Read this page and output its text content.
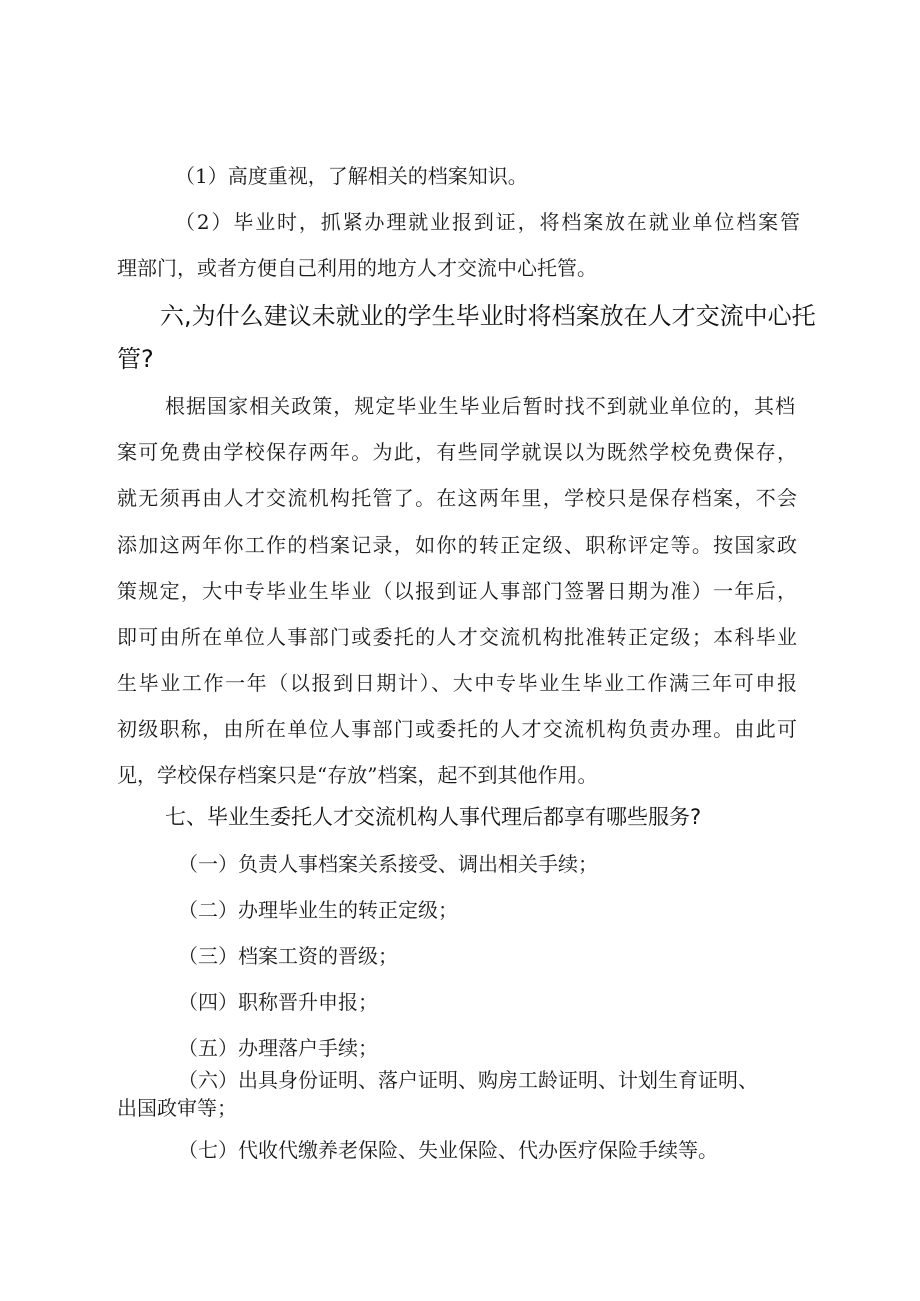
（1）高度重视，了解相关的档案知识。
（2）毕业时，抓紧办理就业报到证，将档案放在就业单位档案管
理部门，或者方便自己利用的地方人才交流中心托管。
六,为什么建议未就业的学生毕业时将档案放在人才交流中心托
管?
根据国家相关政策，规定毕业生毕业后暂时找不到就业单位的，其档
案可免费由学校保存两年。为此，有些同学就误以为既然学校免费保存，
就无须再由人才交流机构托管了。在这两年里，学校只是保存档案，不会
添加这两年你工作的档案记录，如你的转正定级、职称评定等。按国家政
策规定，大中专毕业生毕业（以报到证人事部门签署日期为准）一年后，
即可由所在单位人事部门或委托的人才交流机构批准转正定级；本科毕业
生毕业工作一年（以报到日期计）、大中专毕业生毕业工作满三年可申报
初级职称，由所在单位人事部门或委托的人才交流机构负责办理。由此可
见，学校保存档案只是“存放”档案，起不到其他作用。
七、毕业生委托人才交流机构人事代理后都享有哪些服务?
（一）负责人事档案关系接受、调出相关手续；
（二）办理毕业生的转正定级；
（三）档案工资的晋级；
（四）职称晋升申报；
（五）办理落户手续；
（六）出具身份证明、落户证明、购房工龄证明、计划生育证明、
出国政审等；
（七）代收代缴养老保险、失业保险、代办医疗保险手续等。
